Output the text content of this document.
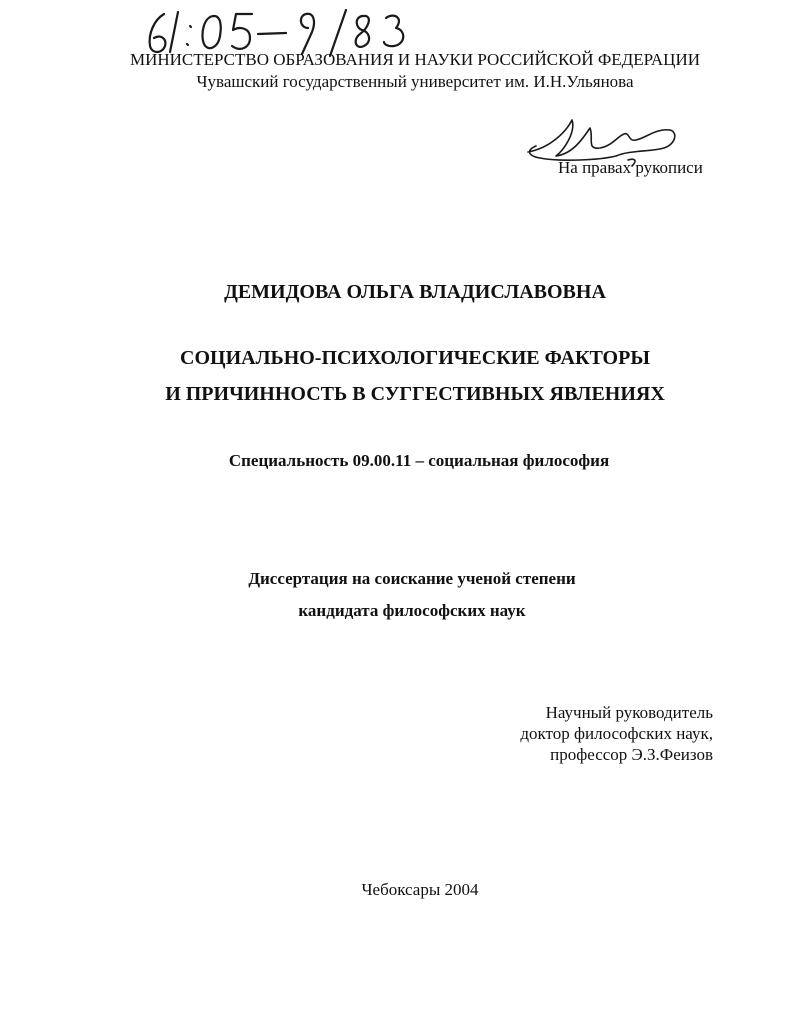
МИНИСТЕРСТВО ОБРАЗОВАНИЯ И НАУКИ РОССИЙСКОЙ ФЕДЕРАЦИИ
Чувашский государственный университет им. И.Н.Ульянова
На правах рукописи
ДЕМИДОВА ОЛЬГА ВЛАДИСЛАВОВНА
СОЦИАЛЬНО-ПСИХОЛОГИЧЕСКИЕ ФАКТОРЫ
И ПРИЧИННОСТЬ В СУГГЕСТИВНЫХ ЯВЛЕНИЯХ
Специальность 09.00.11 – социальная философия
Диссертация на соискание ученой степени
кандидата философских наук
Научный руководитель
доктор философских наук,
профессор Э.З.Феизов
Чебоксары 2004
